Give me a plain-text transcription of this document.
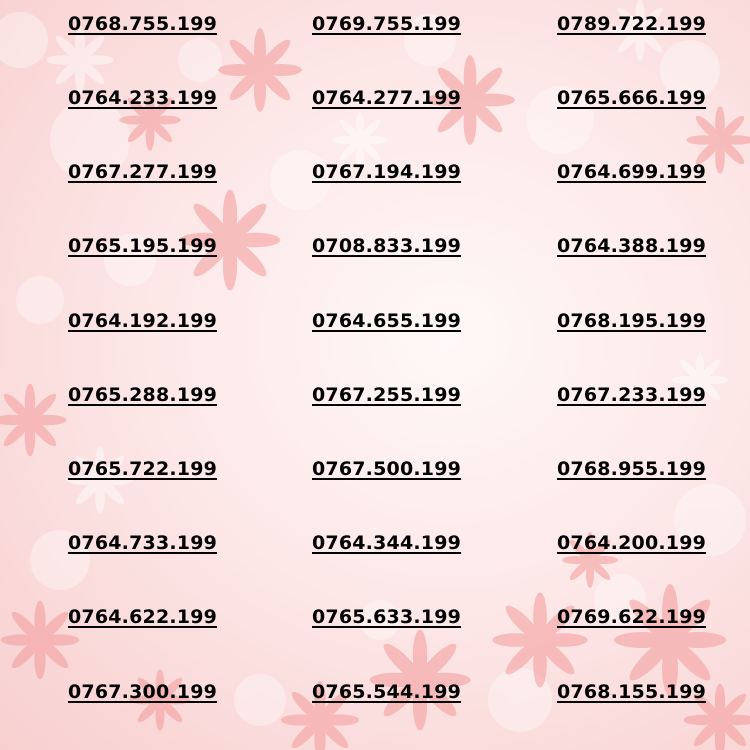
0768.755.199	0769.755.199	0789.722.199
0764.233.199	0764.277.199	0765.666.199
0767.277.199	0767.194.199	0764.699.199
0765.195.199	0708.833.199	0764.388.199
0764.192.199	0764.655.199	0768.195.199
0765.288.199	0767.255.199	0767.233.199
0765.722.199	0767.500.199	0768.955.199
0764.733.199	0764.344.199	0764.200.199
0764.622.199	0765.633.199	0769.622.199
0767.300.199	0765.544.199	0768.155.199
